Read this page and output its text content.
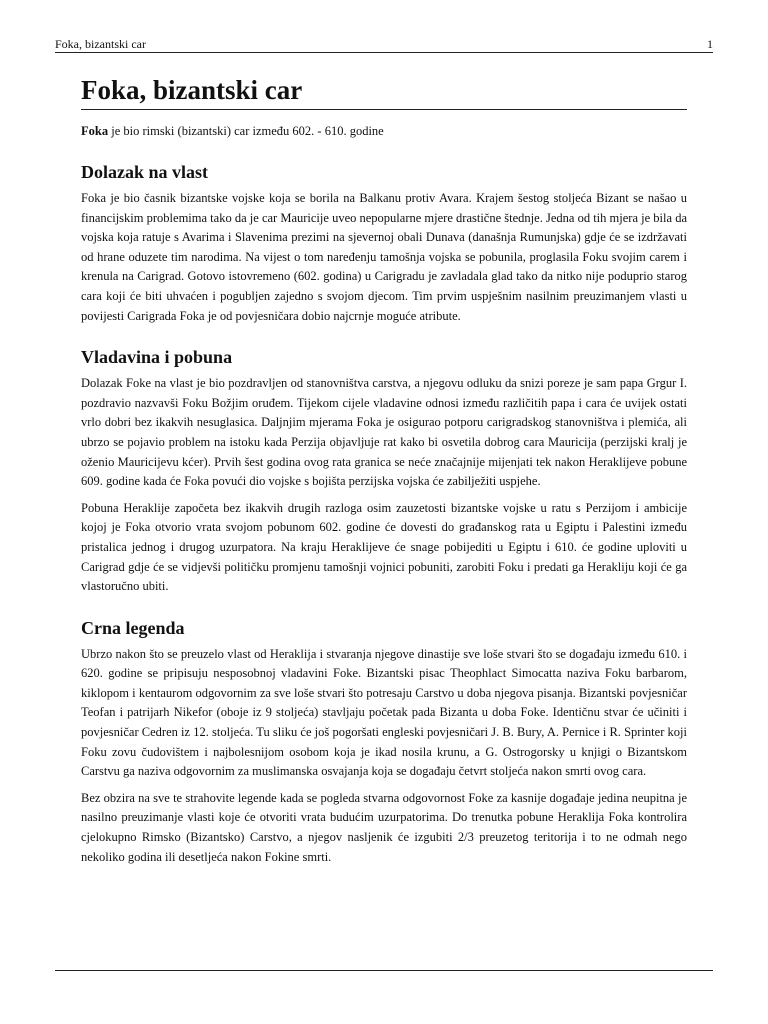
Foka, bizantski car	1
Foka, bizantski car

Foka je bio rimski (bizantski) car između 602. - 610. godine

Dolazak na vlast

Foka je bio časnik bizantske vojske koja se borila na Balkanu protiv Avara. Krajem šestog stoljeća Bizant se našao u financijskim problemima tako da je car Mauricije uveo nepopularne mjere drastične štednje. Jedna od tih mjera je bila da vojska koja ratuje s Avarima i Slavenima prezimi na sjevernoj obali Dunava (današnja Rumunjska) gdje će se izdržavati od hrane oduzete tim narodima. Na vijest o tom naređenju tamošnja vojska se pobunila, proglasila Foku svojim carem i krenula na Carigrad. Gotovo istovremeno (602. godina) u Carigradu je zavladala glad tako da nitko nije poduprio starog cara koji će biti uhvaćen i pogubljen zajedno s svojom djecom. Tim prvim uspješnim nasilnim preuzimanjem vlasti u povijesti Carigrada Foka je od povjesničara dobio najcrnje moguće atribute.

Vladavina i pobuna

Dolazak Foke na vlast je bio pozdravljen od stanovništva carstva, a njegovu odluku da snizi poreze je sam papa Grgur I. pozdravio nazvavši Foku Božjim oruđem. Tijekom cijele vladavine odnosi između različitih papa i cara će uvijek ostati vrlo dobri bez ikakvih nesuglasica. Daljnjim mjerama Foka je osigurao potporu carigradskog stanovništva i plemića, ali ubrzo se pojavio problem na istoku kada Perzija objavljuje rat kako bi osvetila dobrog cara Mauricija (perzijski kralj je oženio Mauricijevu kćer). Prvih šest godina ovog rata granica se neće značajnije mijenjati tek nakon Heraklijeve pobune 609. godine kada će Foka povući dio vojske s bojišta perzijska vojska će zabilježiti uspjehe.

Pobuna Heraklije započeta bez ikakvih drugih razloga osim zauzetosti bizantske vojske u ratu s Perzijom i ambicije kojoj je Foka otvorio vrata svojom pobunom 602. godine će dovesti do građanskog rata u Egiptu i Palestini između pristalica jednog i drugog uzurpatora. Na kraju Heraklijeve će snage pobijediti u Egiptu i 610. će godine uploviti u Carigrad gdje će se vidjevši političku promjenu tamošnji vojnici pobuniti, zarobiti Foku i predati ga Herakliju koji će ga vlastoručno ubiti.

Crna legenda

Ubrzo nakon što se preuzelo vlast od Heraklija i stvaranja njegove dinastije sve loše stvari što se događaju između 610. i 620. godine se pripisuju nesposobnoj vladavini Foke. Bizantski pisac Theophlact Simocatta naziva Foku barbarom, kiklopom i kentaurom odgovornim za sve loše stvari što potresaju Carstvo u doba njegova pisanja. Bizantski povjesničar Teofan i patrijarh Nikefor (oboje iz 9 stoljeća) stavljaju početak pada Bizanta u doba Foke. Identičnu stvar će učiniti i povjesničar Cedren iz 12. stoljeća. Tu sliku će još pogoršati engleski povjesničari J. B. Bury, A. Pernice i R. Sprinter koji Foku zovu čudovištem i najbolesnijom osobom koja je ikad nosila krunu, a G. Ostrogorsky u knjigi o Bizantskom Carstvu ga naziva odgovornim za muslimanska osvajanja koja se događaju četvrt stoljeća nakon smrti ovog cara.

Bez obzira na sve te strahovite legende kada se pogleda stvarna odgovornost Foke za kasnije događaje jedina neupitna je nasilno preuzimanje vlasti koje će otvoriti vrata budućim uzurpatorima. Do trenutka pobune Heraklija Foka kontrolira cjelokupno Rimsko (Bizantsko) Carstvo, a njegov nasljenik će izgubiti 2/3 preuzetog teritorija i to ne odmah nego nekoliko godina ili desetljeća nakon Fokine smrti.
